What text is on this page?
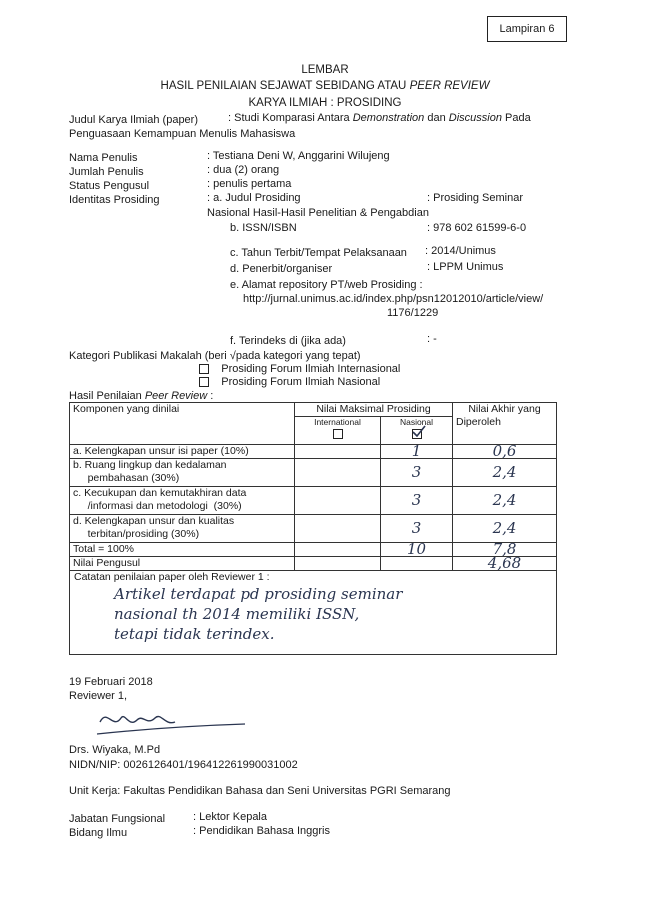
Lampiran 6
LEMBAR
HASIL PENILAIAN SEJAWAT SEBIDANG ATAU PEER REVIEW
KARYA ILMIAH : PROSIDING
Judul Karya Ilmiah (paper)	: Studi Komparasi Antara Demonstration dan Discussion Pada
Penguasaan Kemampuan Menulis Mahasiswa
Nama Penulis	: Testiana Deni W, Anggarini Wilujeng
Jumlah Penulis	: dua (2) orang
Status Pengusul	: penulis pertama
Identitas Prosiding	: a. Judul Prosiding	: Prosiding Seminar
Nasional Hasil-Hasil Penelitian & Pengabdian
b. ISSN/ISBN	: 978 602 61599-6-0
c. Tahun Terbit/Tempat Pelaksanaan : 2014/Unimus
d. Penerbit/organiser	: LPPM Unimus
e. Alamat repository PT/web Prosiding :
http://jurnal.unimus.ac.id/index.php/psn12012010/article/view/
1176/1229
f. Terindeks di (jika ada)	: -
Kategori Publikasi Makalah (beri √pada kategori yang tepat)
Prosiding Forum Ilmiah Internasional
Prosiding Forum Ilmiah Nasional
Hasil Penilaian Peer Review :
Komponen yang dinilai	Nilai Maksimal Prosiding		Nilai Akhir yang
Diperoleh

	International	Nasional	

a. Kelengkapan unsur isi paper (10%)		1	0,6

b. Ruang lingkup dan kedalaman
pembahasan (30%)		3	2,4

c. Kecukupan dan kemutakhiran data
/informasi dan metodologi  (30%)		3	2,4

d. Kelengkapan unsur dan kualitas
terbitan/prosiding (30%)		3	2,4
Total = 100%		10	7,8
Nilai Pengusul			4,68

Catatan penilaian paper oleh Reviewer 1 :
Artikel terdapat pd prosiding seminar
nasional th 2014 memiliki ISSN,
tetapi tidak terindex.			
19 Februari 2018
Reviewer 1,
Drs. Wiyaka, M.Pd
NIDN/NIP: 0026126401/196412261990031002
Unit Kerja: Fakultas Pendidikan Bahasa dan Seni Universitas PGRI Semarang
Jabatan Fungsional	: Lektor Kepala
Bidang Ilmu	: Pendidikan Bahasa Inggris
